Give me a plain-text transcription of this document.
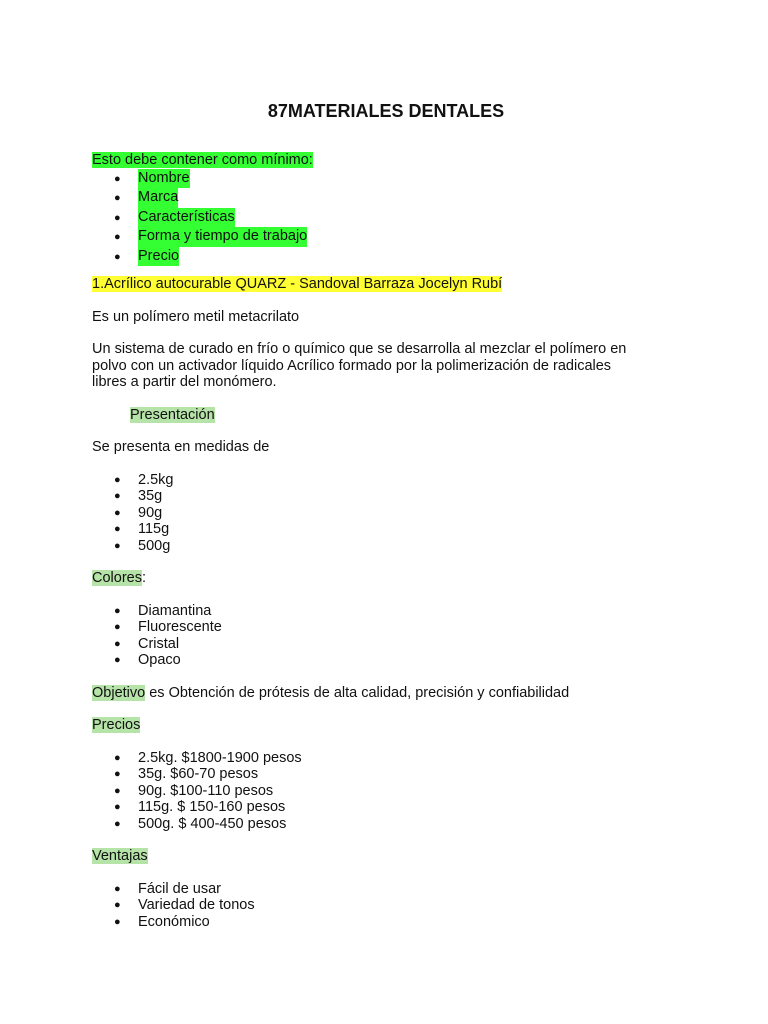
87MATERIALES DENTALES

Esto debe contener como mínimo:

● Nombre
● Marca
● Características
● Forma y tiempo de trabajo
● Precio

1.Acrílico autocurable QUARZ - Sandoval Barraza Jocelyn Rubí

Es un polímero metil metacrilato

Un sistema de curado en frío o químico que se desarrolla al mezclar el polímero en
polvo con un activador líquido Acrílico formado por la polimerización de radicales
libres a partir del monómero.

Presentación

Se presenta en medidas de

● 2.5kg
● 35g
● 90g
● 115g
● 500g

Colores:

● Diamantina
● Fluorescente
● Cristal
● Opaco

Objetivo es Obtención de prótesis de alta calidad, precisión y confiabilidad

Precios

● 2.5kg. $1800-1900 pesos
● 35g. $60-70 pesos
● 90g. $100-110 pesos
● 115g. $ 150-160 pesos
● 500g. $ 400-450 pesos

Ventajas

● Fácil de usar
● Variedad de tonos
● Económico
